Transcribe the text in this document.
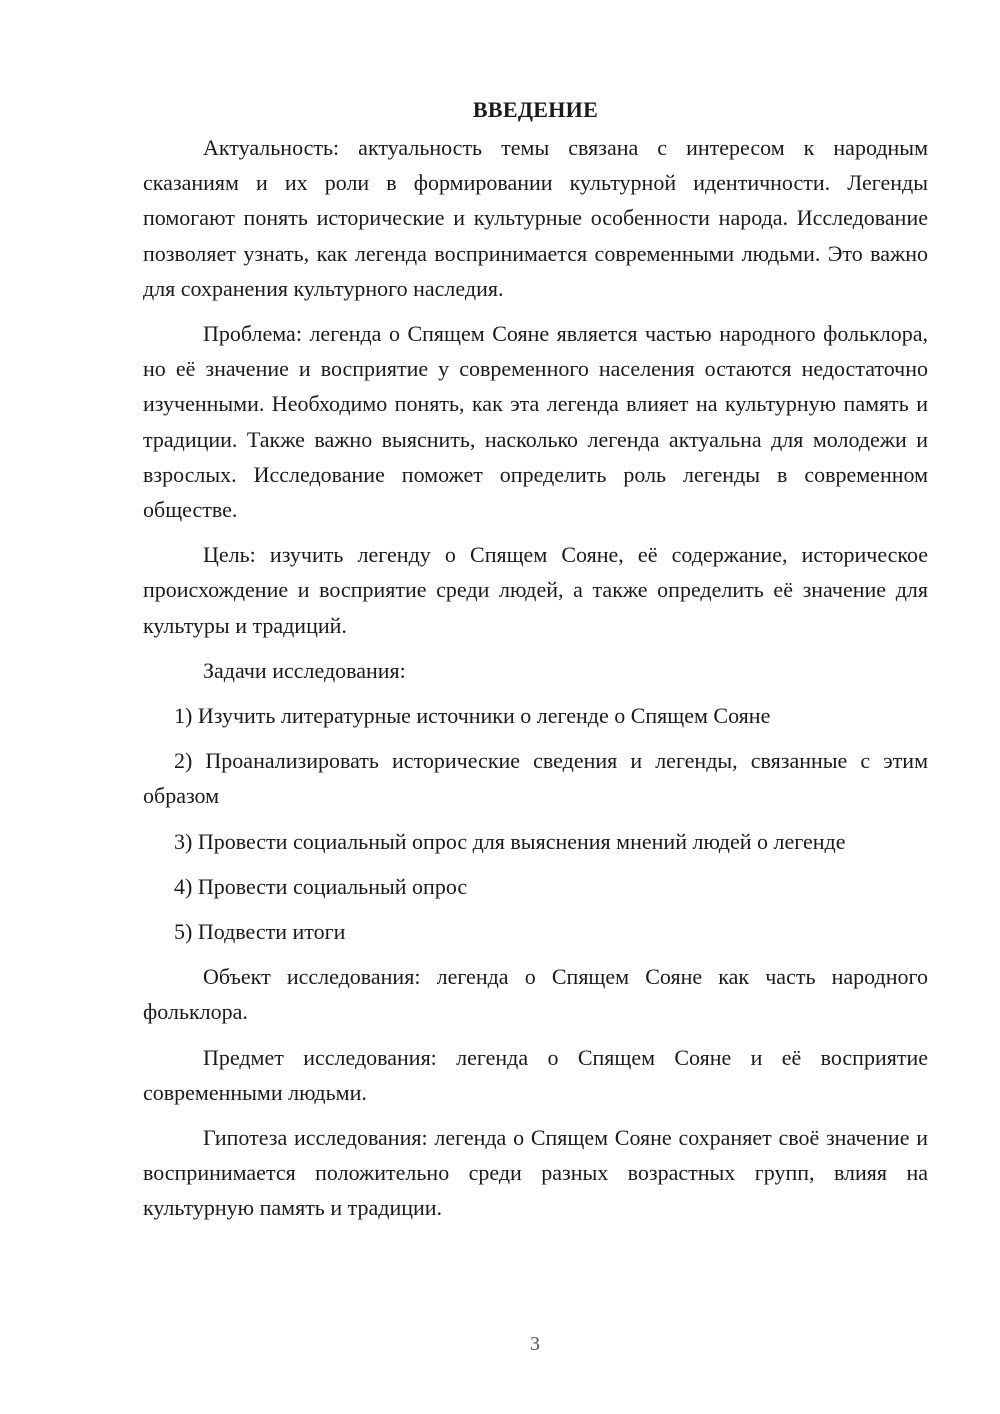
ВВЕДЕНИЕ

Актуальность: актуальность темы связана с интересом к народным сказаниям и их роли в формировании культурной идентичности. Легенды помогают понять исторические и культурные особенности народа. Исследование позволяет узнать, как легенда воспринимается современными людьми. Это важно для сохранения культурного наследия.

Проблема: легенда о Спящем Сояне является частью народного фольклора, но её значение и восприятие у современного населения остаются недостаточно изученными. Необходимо понять, как эта легенда влияет на культурную память и традиции. Также важно выяснить, насколько легенда актуальна для молодежи и взрослых. Исследование поможет определить роль легенды в современном обществе.

Цель: изучить легенду о Спящем Сояне, её содержание, историческое происхождение и восприятие среди людей, а также определить её значение для культуры и традиций.

Задачи исследования:

1) Изучить литературные источники о легенде о Спящем Сояне

2) Проанализировать исторические сведения и легенды, связанные с этим образом

3) Провести социальный опрос для выяснения мнений людей о легенде

4) Провести социальный опрос

5) Подвести итоги

Объект исследования: легенда о Спящем Сояне как часть народного фольклора.

Предмет исследования: легенда о Спящем Сояне и её восприятие современными людьми.

Гипотеза исследования: легенда о Спящем Сояне сохраняет своё значение и воспринимается положительно среди разных возрастных групп, влияя на культурную память и традиции.

3
